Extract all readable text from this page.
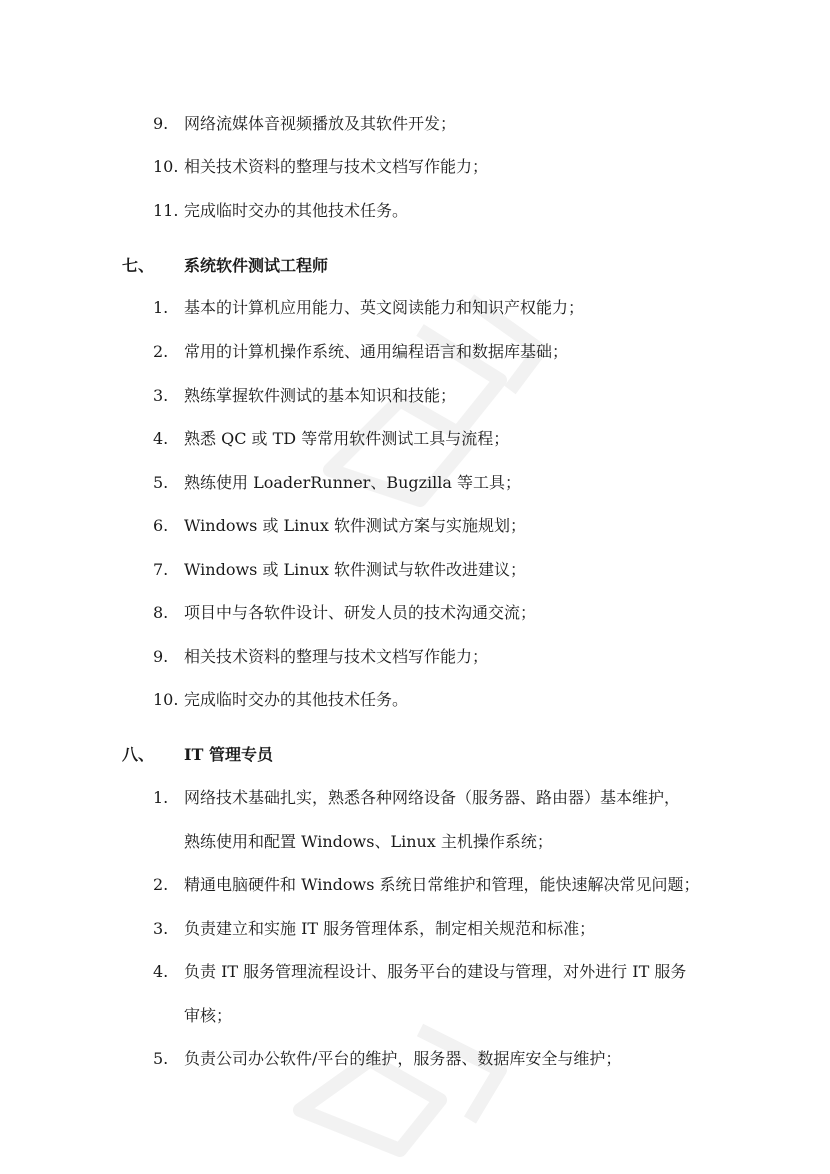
9. 网络流媒体音视频播放及其软件开发；
10. 相关技术资料的整理与技术文档写作能力；
11. 完成临时交办的其他技术任务。
七、 系统软件测试工程师
1. 基本的计算机应用能力、英文阅读能力和知识产权能力；
2. 常用的计算机操作系统、通用编程语言和数据库基础；
3. 熟练掌握软件测试的基本知识和技能；
4. 熟悉 QC 或 TD 等常用软件测试工具与流程；
5. 熟练使用 LoaderRunner、Bugzilla 等工具；
6. Windows 或 Linux 软件测试方案与实施规划；
7. Windows 或 Linux 软件测试与软件改进建议；
8. 项目中与各软件设计、研发人员的技术沟通交流；
9. 相关技术资料的整理与技术文档写作能力；
10. 完成临时交办的其他技术任务。
八、 IT 管理专员
1. 网络技术基础扎实，熟悉各种网络设备（服务器、路由器）基本维护，
熟练使用和配置 Windows、Linux 主机操作系统；
2. 精通电脑硬件和 Windows 系统日常维护和管理，能快速解决常见问题；
3. 负责建立和实施 IT 服务管理体系，制定相关规范和标准；
4. 负责 IT 服务管理流程设计、服务平台的建设与管理，对外进行 IT 服务
审核；
5. 负责公司办公软件/平台的维护，服务器、数据库安全与维护；
